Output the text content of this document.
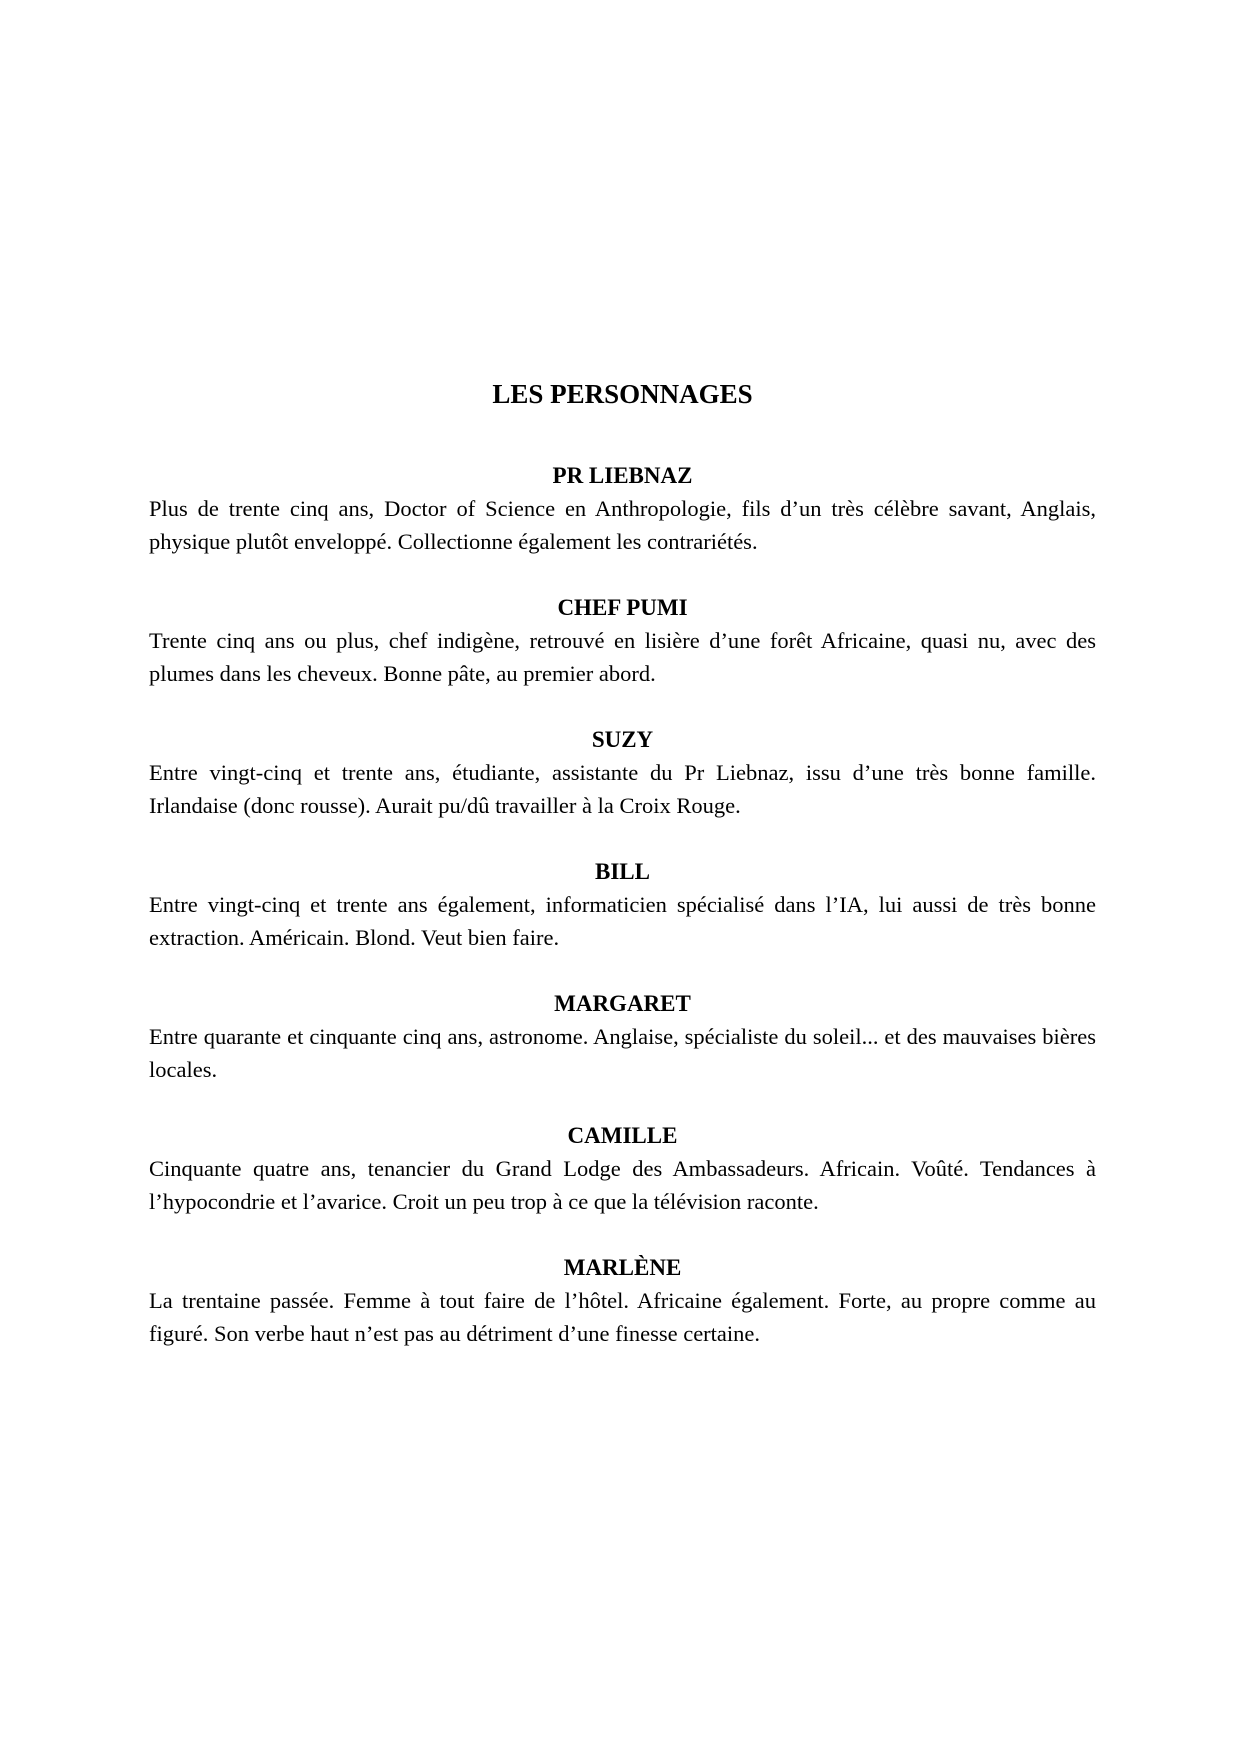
LES PERSONNAGES
PR LIEBNAZ

Plus de trente cinq ans, Doctor of Science en Anthropologie, fils d’un très célèbre savant, Anglais, physique plutôt enveloppé. Collectionne également les contrariétés.

CHEF PUMI

Trente cinq ans ou plus, chef indigène, retrouvé en lisière d’une forêt Africaine, quasi nu, avec des plumes dans les cheveux. Bonne pâte, au premier abord.

SUZY

Entre vingt-cinq et trente ans, étudiante, assistante du Pr Liebnaz, issu d’une très bonne famille. Irlandaise (donc rousse). Aurait pu/dû travailler à la Croix Rouge.

BILL

Entre vingt-cinq et trente ans également, informaticien spécialisé dans l’IA, lui aussi de très bonne extraction. Américain. Blond. Veut bien faire.

MARGARET

Entre quarante et cinquante cinq ans, astronome. Anglaise, spécialiste du soleil... et des mauvaises bières locales.

CAMILLE

Cinquante quatre ans, tenancier du Grand Lodge des Ambassadeurs. Africain. Voûté. Tendances à l’hypocondrie et l’avarice. Croit un peu trop à ce que la télévision raconte.

MARLÈNE

La trentaine passée. Femme à tout faire de l’hôtel. Africaine également. Forte, au propre comme au figuré. Son verbe haut n’est pas au détriment d’une finesse certaine.
